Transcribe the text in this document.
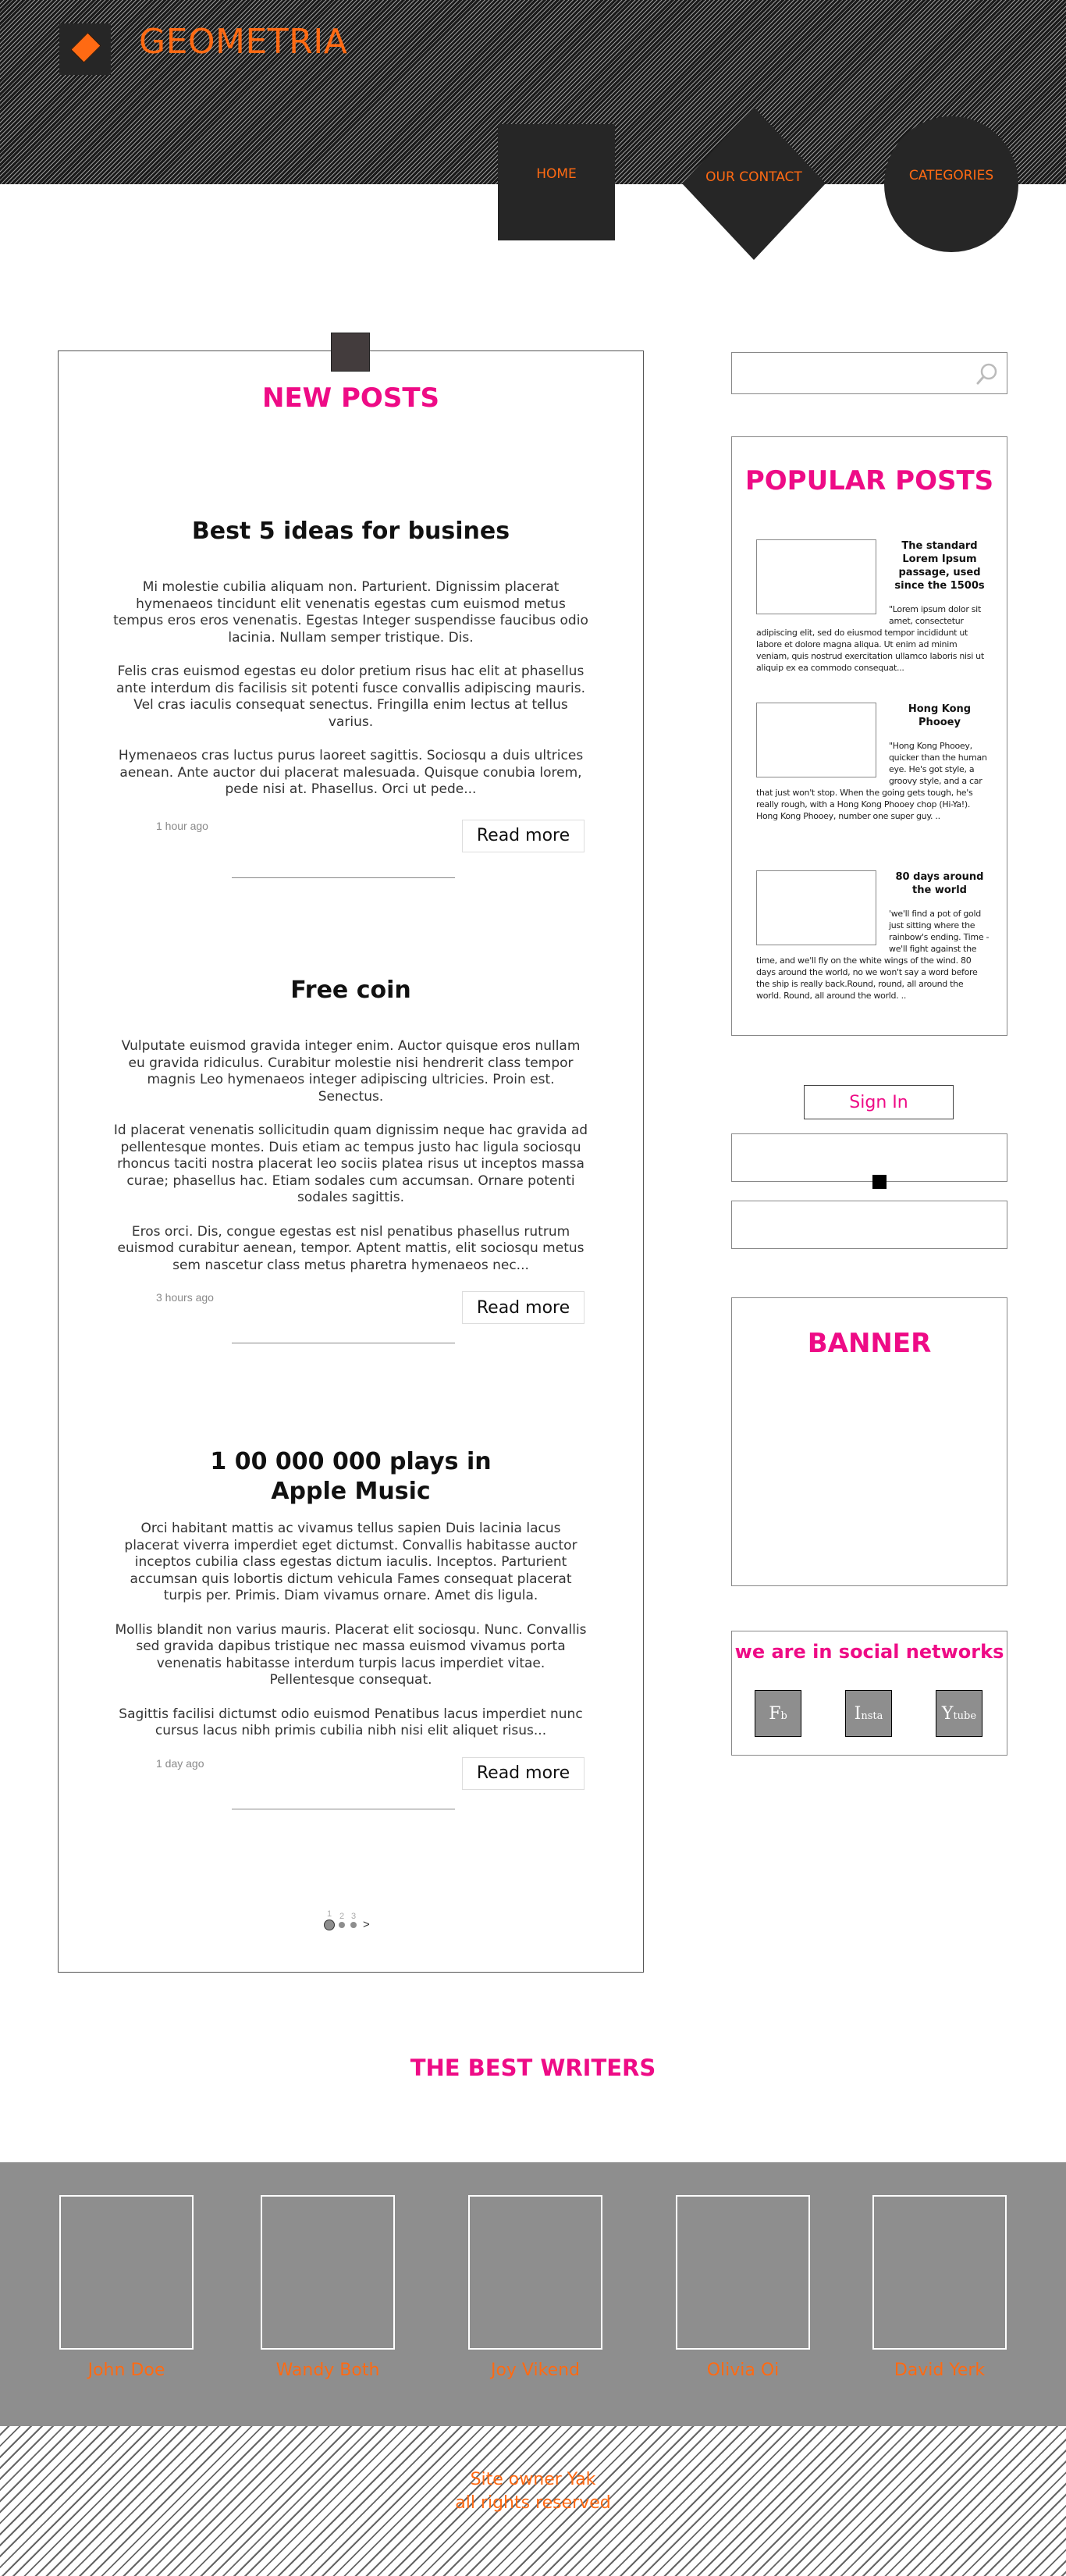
GEOMETRIA
HOME	OUR CONTACT	CATEGORIES
NEW POSTS
Best 5 ideas for busines

Mi molestie cubilia aliquam non. Parturient. Dignissim placerat hymenaeos tincidunt elit venenatis egestas cum euismod metus tempus eros eros venenatis. Egestas Integer suspendisse faucibus odio lacinia. Nullam semper tristique. Dis.

Felis cras euismod egestas eu dolor pretium risus hac elit at phasellus ante interdum dis facilisis sit potenti fusce convallis adipiscing mauris. Vel cras iaculis consequat senectus. Fringilla enim lectus at tellus varius.

Hymenaeos cras luctus purus laoreet sagittis. Sociosqu a duis ultrices aenean. Ante auctor dui placerat malesuada. Quisque conubia lorem, pede nisi at. Phasellus. Orci ut pede...

1 hour ago
Read more
Free coin

Vulputate euismod gravida integer enim. Auctor quisque eros nullam eu gravida ridiculus. Curabitur molestie nisi hendrerit class tempor magnis Leo hymenaeos integer adipiscing ultricies. Proin est. Senectus.

Id placerat venenatis sollicitudin quam dignissim neque hac gravida ad pellentesque montes. Duis etiam ac tempus justo hac ligula sociosqu rhoncus taciti nostra placerat leo sociis platea risus ut inceptos massa curae; phasellus hac. Etiam sodales cum accumsan. Ornare potenti sodales sagittis.

Eros orci. Dis, congue egestas est nisl penatibus phasellus rutrum euismod curabitur aenean, tempor. Aptent mattis, elit sociosqu metus sem nascetur class metus pharetra hymenaeos nec...

3 hours ago
Read more
1 00 000 000 plays in Apple Music

Orci habitant mattis ac vivamus tellus sapien Duis lacinia lacus placerat viverra imperdiet eget dictumst. Convallis habitasse auctor inceptos cubilia class egestas dictum iaculis. Inceptos. Parturient accumsan quis lobortis dictum vehicula Fames consequat placerat turpis per. Primis. Diam vivamus ornare. Amet dis ligula.

Mollis blandit non varius mauris. Placerat elit sociosqu. Nunc. Convallis sed gravida dapibus tristique nec massa euismod vivamus porta venenatis habitasse interdum turpis lacus imperdiet vitae. Pellentesque consequat.

Sagittis facilisi dictumst odio euismod Penatibus lacus imperdiet nunc cursus lacus nibh primis cubilia nibh nisi elit aliquet risus...

1 day ago
Read more
1 2 3
>
POPULAR POSTS
The standard Lorem Ipsum passage, used since the 1500s
"Lorem ipsum dolor sit amet, consectetur adipiscing elit, sed do eiusmod tempor incididunt ut labore et dolore magna aliqua. Ut enim ad minim veniam, quis nostrud exercitation ullamco laboris nisi ut aliquip ex ea commodo consequat...
Hong Kong Phooey
"Hong Kong Phooey, quicker than the human eye. He's got style, a groovy style, and a car that just won't stop. When the going gets tough, he's really rough, with a Hong Kong Phooey chop (Hi-Ya!). Hong Kong Phooey, number one super guy. ..
80 days around the world
'we'll find a pot of gold just sitting where the rainbow's ending. Time - we'll fight against the time, and we'll fly on the white wings of the wind. 80 days around the world, no we won't say a word before the ship is really back.Round, round, all around the world. Round, all around the world. ..
Sign In
BANNER
we are in social networks
F b	I nsta	Y tube
THE BEST WRITERS
John Doe	Wandy Both	Joy Vikend	Olivia Oi	David Yerk
Site owner Yak
all rights reserved
